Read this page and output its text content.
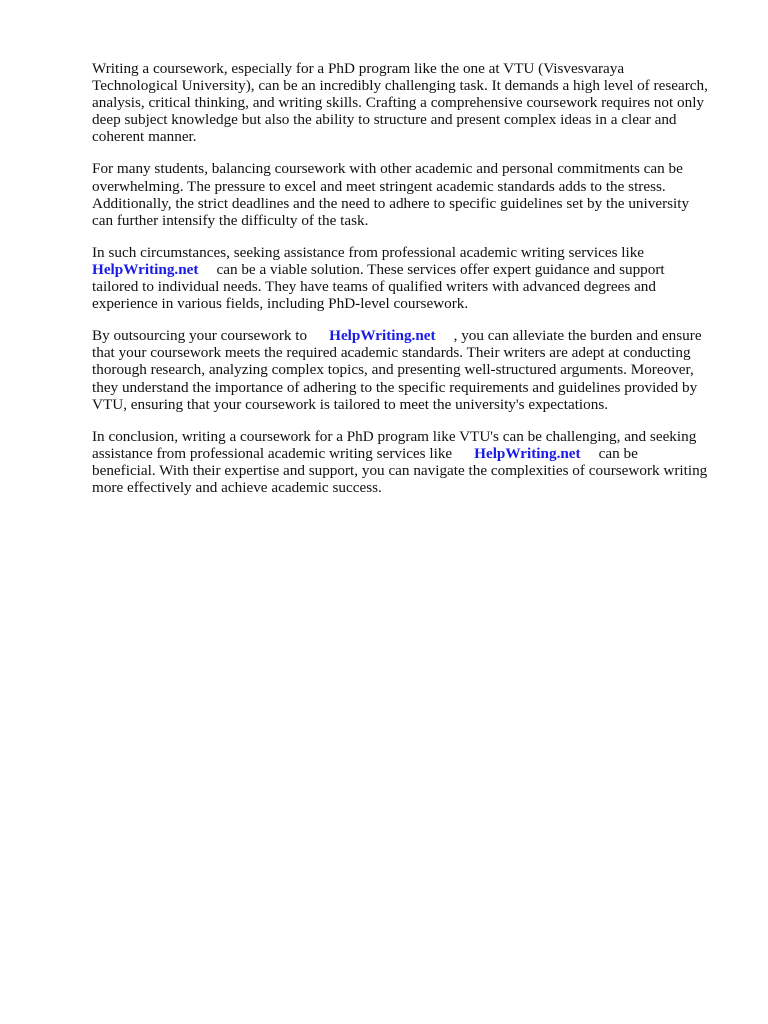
Writing a coursework, especially for a PhD program like the one at VTU (Visvesvaraya
Technological University), can be an incredibly challenging task. It demands a high level of research,
analysis, critical thinking, and writing skills. Crafting a comprehensive coursework requires not only
deep subject knowledge but also the ability to structure and present complex ideas in a clear and
coherent manner.

For many students, balancing coursework with other academic and personal commitments can be
overwhelming. The pressure to excel and meet stringent academic standards adds to the stress.
Additionally, the strict deadlines and the need to adhere to specific guidelines set by the university
can further intensify the difficulty of the task.

In such circumstances, seeking assistance from professional academic writing services like
HelpWriting.net can be a viable solution. These services offer expert guidance and support
tailored to individual needs. They have teams of qualified writers with advanced degrees and
experience in various fields, including PhD-level coursework.

By outsourcing your coursework to HelpWriting.net , you can alleviate the burden and ensure
that your coursework meets the required academic standards. Their writers are adept at conducting
thorough research, analyzing complex topics, and presenting well-structured arguments. Moreover,
they understand the importance of adhering to the specific requirements and guidelines provided by
VTU, ensuring that your coursework is tailored to meet the university's expectations.

In conclusion, writing a coursework for a PhD program like VTU's can be challenging, and seeking
assistance from professional academic writing services like HelpWriting.net can be
beneficial. With their expertise and support, you can navigate the complexities of coursework writing
more effectively and achieve academic success.
